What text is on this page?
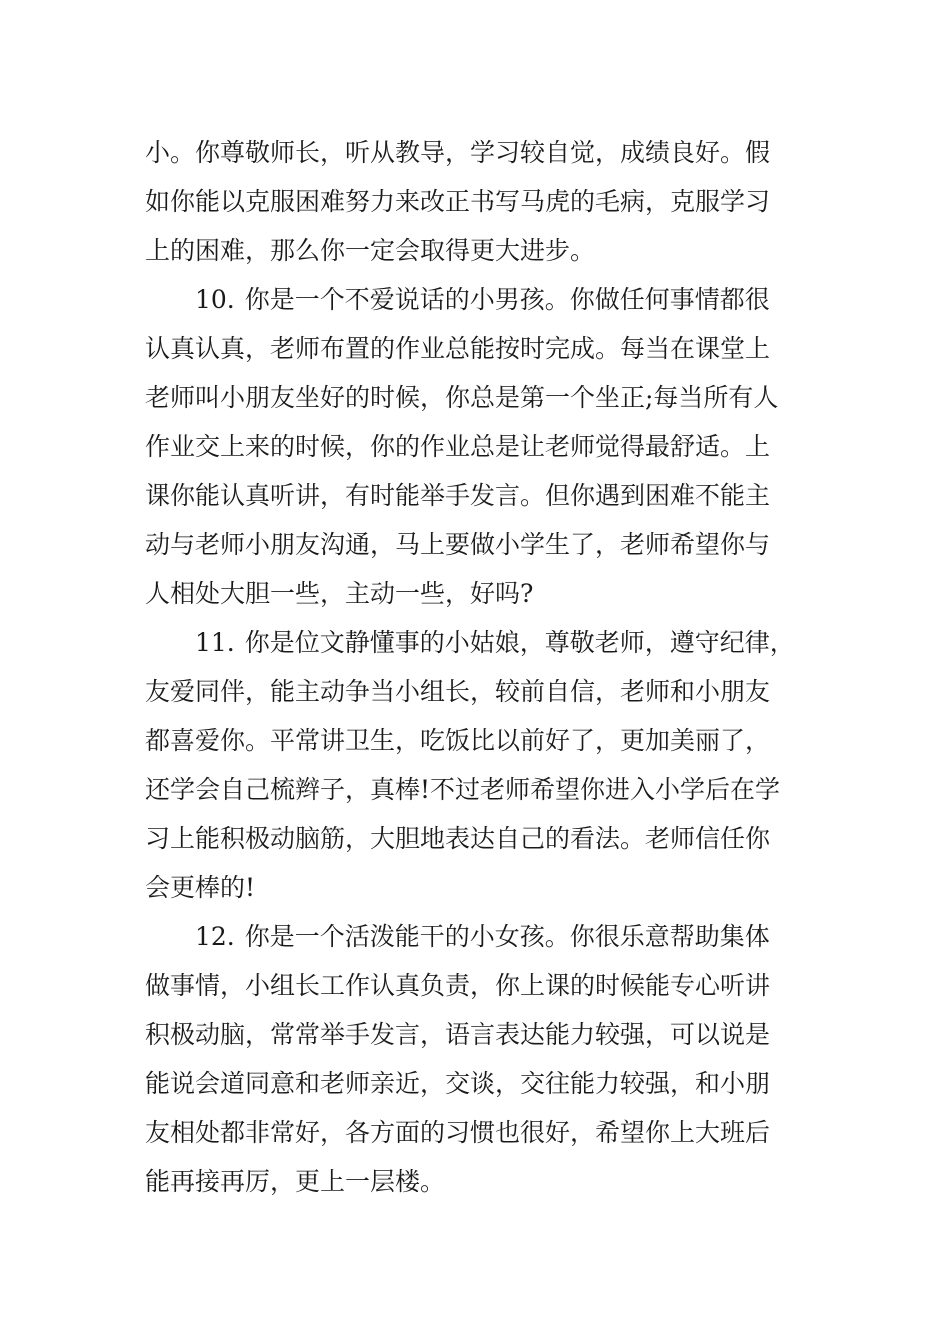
小。你尊敬师长，听从教导，学习较自觉，成绩良好。假
如你能以克服困难努力来改正书写马虎的毛病，克服学习
上的困难，那么你一定会取得更大进步。
10. 你是一个不爱说话的小男孩。你做任何事情都很
认真认真，老师布置的作业总能按时完成。每当在课堂上
老师叫小朋友坐好的时候，你总是第一个坐正;每当所有人
作业交上来的时候，你的作业总是让老师觉得最舒适。上
课你能认真听讲，有时能举手发言。但你遇到困难不能主
动与老师小朋友沟通，马上要做小学生了，老师希望你与
人相处大胆一些，主动一些，好吗?
11. 你是位文静懂事的小姑娘，尊敬老师，遵守纪律，
友爱同伴，能主动争当小组长，较前自信，老师和小朋友
都喜爱你。平常讲卫生，吃饭比以前好了，更加美丽了，
还学会自己梳辫子，真棒!不过老师希望你进入小学后在学
习上能积极动脑筋，大胆地表达自己的看法。老师信任你
会更棒的!
12. 你是一个活泼能干的小女孩。你很乐意帮助集体
做事情，小组长工作认真负责，你上课的时候能专心听讲
积极动脑，常常举手发言，语言表达能力较强，可以说是
能说会道同意和老师亲近，交谈，交往能力较强，和小朋
友相处都非常好，各方面的习惯也很好，希望你上大班后
能再接再厉，更上一层楼。
